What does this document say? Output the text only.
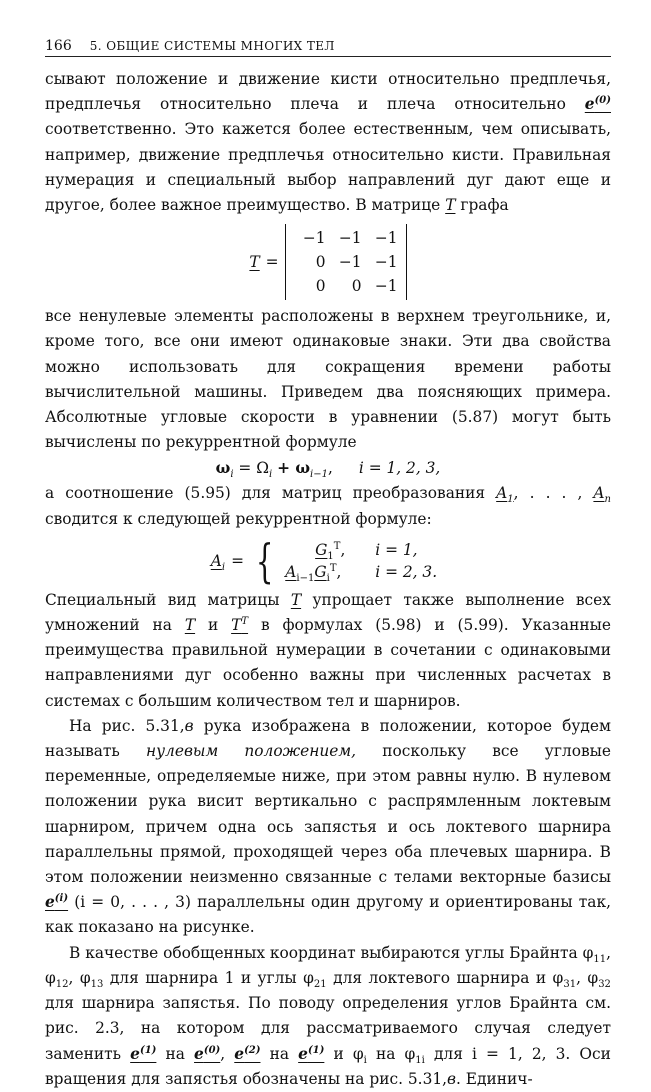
166 5. ОБЩИЕ СИСТЕМЫ МНОГИХ ТЕЛ

сывают положение и движение кисти относительно предплечья, предплечья относительно плеча и плеча относительно $e^{(0)}$ соответственно. Это кажется более естественным, чем описывать, например, движение предплечья относительно кисти. Правильная нумерация и специальный выбор направлений дуг дают еще и другое, более важное преимущество. В матрице T графа

T =
−1 −1 −1
0 −1 −1
0	0 −1

все ненулевые элементы расположены в верхнем треугольнике, и, кроме того, все они имеют одинаковые знаки. Эти два свойства можно использовать для сокращения времени работы вычислительной машины. Приведем два поясняющих примера. Абсолютные угловые скорости в уравнении (5.87) могут быть вычислены по рекуррентной формуле

$\omega_i = \Omega_i + \omega_{i-1}$, i = 1, 2, 3,

а соотношение (5.95) для матриц преобразования $A_1$, . . . , $A_n$ сводится к следующей рекуррентной формуле:

$A_i$ = {	$G_1^T$,	i = 1,
$A_{i-1}G_i^T$,	i = 2, 3.

Специальный вид матрицы T упрощает также выполнение всех умножений на T и $T^T$ в формулах (5.98) и (5.99). Указанные преимущества правильной нумерации в сочетании с одинаковыми направлениями дуг особенно важны при численных расчетах в системах с большим количеством тел и шарниров.

На рис. 5.31,в рука изображена в положении, которое будем называть нулевым положением, поскольку все угловые переменные, определяемые ниже, при этом равны нулю. В нулевом положении рука висит вертикально с распрямленным локтевым шарниром, причем одна ось запястья и ось локтевого шарнира параллельны прямой, проходящей через оба плечевых шарнира. В этом положении неизменно связанные с телами векторные базисы $e^{(i)}$ (i = 0, . . . , 3) параллельны один другому и ориентированы так, как показано на рисунке.

В качестве обобщенных координат выбираются углы Брайнта $\varphi_{11}$, $\varphi_{12}$, $\varphi_{13}$ для шарнира 1 и углы $\varphi_{21}$ для локтевого шарнира и $\varphi_{31}$, $\varphi_{32}$ для шарнира запястья. По поводу определения углов Брайнта см. рис. 2.3, на котором для рассматриваемого случая следует заменить $e^{(1)}$ на $e^{(0)}$, $e^{(2)}$ на $e^{(1)}$ и $\varphi_i$ на $\varphi_{1i}$ для i = 1, 2, 3. Оси вращения для запястья обозначены на рис. 5.31,в. Единич-
